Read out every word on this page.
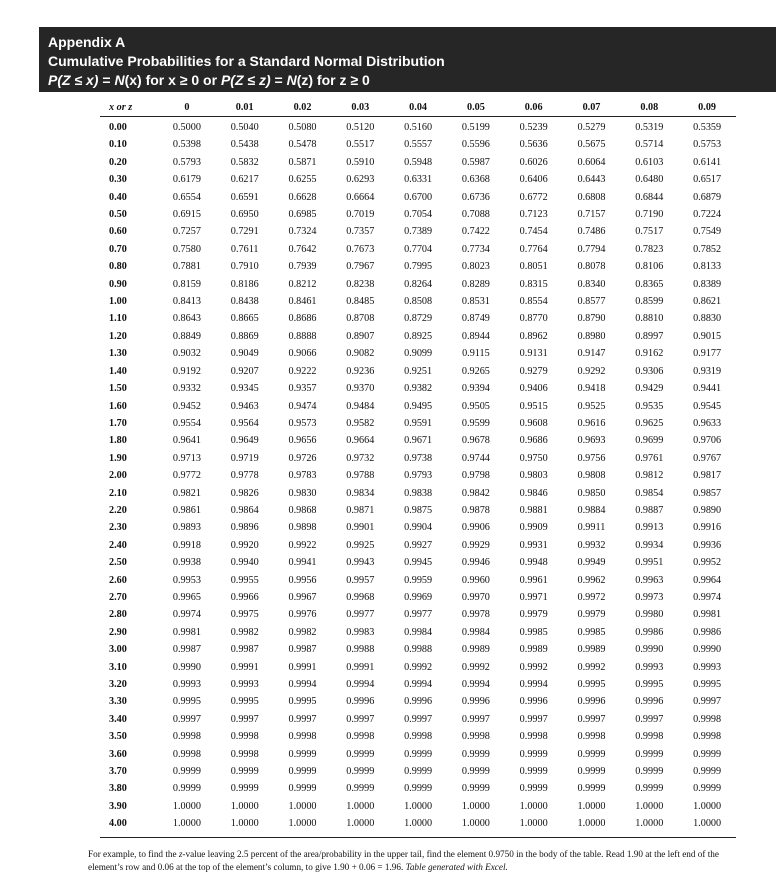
Appendix A
Cumulative Probabilities for a Standard Normal Distribution
P(Z ≤ x) = N(x) for x ≥ 0 or P(Z ≤ z) = N(z) for z ≥ 0
x or z	0	0.01	0.02	0.03	0.04	0.05	0.06	0.07	0.08	0.09
0.00	0.5000	0.5040	0.5080	0.5120	0.5160	0.5199	0.5239	0.5279	0.5319	0.5359
0.10	0.5398	0.5438	0.5478	0.5517	0.5557	0.5596	0.5636	0.5675	0.5714	0.5753
0.20	0.5793	0.5832	0.5871	0.5910	0.5948	0.5987	0.6026	0.6064	0.6103	0.6141
0.30	0.6179	0.6217	0.6255	0.6293	0.6331	0.6368	0.6406	0.6443	0.6480	0.6517
0.40	0.6554	0.6591	0.6628	0.6664	0.6700	0.6736	0.6772	0.6808	0.6844	0.6879
0.50	0.6915	0.6950	0.6985	0.7019	0.7054	0.7088	0.7123	0.7157	0.7190	0.7224
0.60	0.7257	0.7291	0.7324	0.7357	0.7389	0.7422	0.7454	0.7486	0.7517	0.7549
0.70	0.7580	0.7611	0.7642	0.7673	0.7704	0.7734	0.7764	0.7794	0.7823	0.7852
0.80	0.7881	0.7910	0.7939	0.7967	0.7995	0.8023	0.8051	0.8078	0.8106	0.8133
0.90	0.8159	0.8186	0.8212	0.8238	0.8264	0.8289	0.8315	0.8340	0.8365	0.8389
1.00	0.8413	0.8438	0.8461	0.8485	0.8508	0.8531	0.8554	0.8577	0.8599	0.8621
1.10	0.8643	0.8665	0.8686	0.8708	0.8729	0.8749	0.8770	0.8790	0.8810	0.8830
1.20	0.8849	0.8869	0.8888	0.8907	0.8925	0.8944	0.8962	0.8980	0.8997	0.9015
1.30	0.9032	0.9049	0.9066	0.9082	0.9099	0.9115	0.9131	0.9147	0.9162	0.9177
1.40	0.9192	0.9207	0.9222	0.9236	0.9251	0.9265	0.9279	0.9292	0.9306	0.9319
1.50	0.9332	0.9345	0.9357	0.9370	0.9382	0.9394	0.9406	0.9418	0.9429	0.9441
1.60	0.9452	0.9463	0.9474	0.9484	0.9495	0.9505	0.9515	0.9525	0.9535	0.9545
1.70	0.9554	0.9564	0.9573	0.9582	0.9591	0.9599	0.9608	0.9616	0.9625	0.9633
1.80	0.9641	0.9649	0.9656	0.9664	0.9671	0.9678	0.9686	0.9693	0.9699	0.9706
1.90	0.9713	0.9719	0.9726	0.9732	0.9738	0.9744	0.9750	0.9756	0.9761	0.9767
2.00	0.9772	0.9778	0.9783	0.9788	0.9793	0.9798	0.9803	0.9808	0.9812	0.9817
2.10	0.9821	0.9826	0.9830	0.9834	0.9838	0.9842	0.9846	0.9850	0.9854	0.9857
2.20	0.9861	0.9864	0.9868	0.9871	0.9875	0.9878	0.9881	0.9884	0.9887	0.9890
2.30	0.9893	0.9896	0.9898	0.9901	0.9904	0.9906	0.9909	0.9911	0.9913	0.9916
2.40	0.9918	0.9920	0.9922	0.9925	0.9927	0.9929	0.9931	0.9932	0.9934	0.9936
2.50	0.9938	0.9940	0.9941	0.9943	0.9945	0.9946	0.9948	0.9949	0.9951	0.9952
2.60	0.9953	0.9955	0.9956	0.9957	0.9959	0.9960	0.9961	0.9962	0.9963	0.9964
2.70	0.9965	0.9966	0.9967	0.9968	0.9969	0.9970	0.9971	0.9972	0.9973	0.9974
2.80	0.9974	0.9975	0.9976	0.9977	0.9977	0.9978	0.9979	0.9979	0.9980	0.9981
2.90	0.9981	0.9982	0.9982	0.9983	0.9984	0.9984	0.9985	0.9985	0.9986	0.9986
3.00	0.9987	0.9987	0.9987	0.9988	0.9988	0.9989	0.9989	0.9989	0.9990	0.9990
3.10	0.9990	0.9991	0.9991	0.9991	0.9992	0.9992	0.9992	0.9992	0.9993	0.9993
3.20	0.9993	0.9993	0.9994	0.9994	0.9994	0.9994	0.9994	0.9995	0.9995	0.9995
3.30	0.9995	0.9995	0.9995	0.9996	0.9996	0.9996	0.9996	0.9996	0.9996	0.9997
3.40	0.9997	0.9997	0.9997	0.9997	0.9997	0.9997	0.9997	0.9997	0.9997	0.9998
3.50	0.9998	0.9998	0.9998	0.9998	0.9998	0.9998	0.9998	0.9998	0.9998	0.9998
3.60	0.9998	0.9998	0.9999	0.9999	0.9999	0.9999	0.9999	0.9999	0.9999	0.9999
3.70	0.9999	0.9999	0.9999	0.9999	0.9999	0.9999	0.9999	0.9999	0.9999	0.9999
3.80	0.9999	0.9999	0.9999	0.9999	0.9999	0.9999	0.9999	0.9999	0.9999	0.9999
3.90	1.0000	1.0000	1.0000	1.0000	1.0000	1.0000	1.0000	1.0000	1.0000	1.0000
4.00	1.0000	1.0000	1.0000	1.0000	1.0000	1.0000	1.0000	1.0000	1.0000	1.0000
For example, to find the z-value leaving 2.5 percent of the area/probability in the upper tail, find the element 0.9750 in the body of the table. Read 1.90 at the left end of the element’s row and 0.06 at the top of the element’s column, to give 1.90 + 0.06 = 1.96. Table generated with Excel.
